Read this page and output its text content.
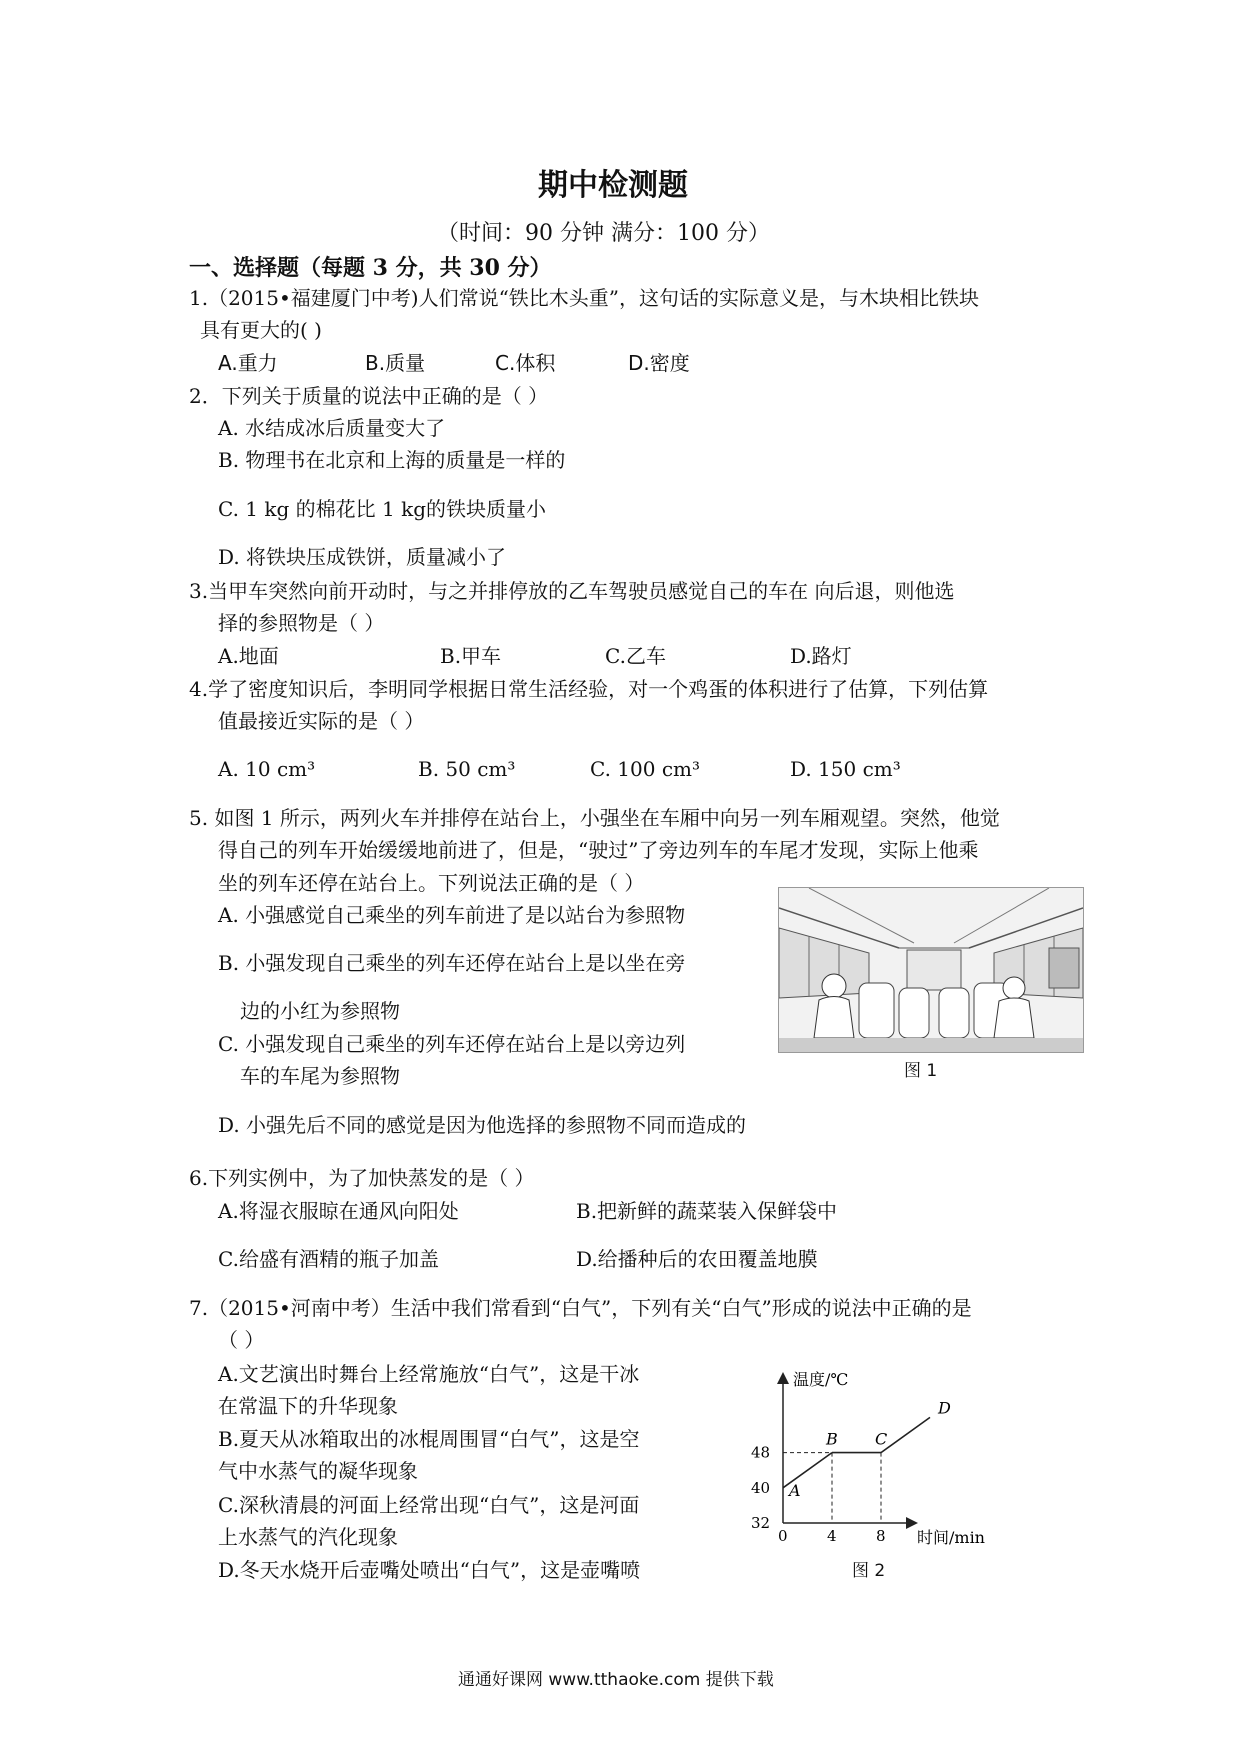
期中检测题
（时间：90 分钟 满分：100 分）
一、选择题（每题 3 分，共 30 分）
1.（2015•福建厦门中考)人们常说“铁比木头重”，这句话的实际意义是，与木块相比铁块
具有更大的( )
A.重力	B.质量	C.体积	D.密度
2．下列关于质量的说法中正确的是（ ）
A. 水结成冰后质量变大了
B. 物理书在北京和上海的质量是一样的
C. 1 kg 的棉花比 1 kg的铁块质量小
D. 将铁块压成铁饼，质量减小了
3.当甲车突然向前开动时，与之并排停放的乙车驾驶员感觉自己的车在 向后退，则他选
择的参照物是（ ）
A.地面	B.甲车	C.乙车	D.路灯
4.学了密度知识后，李明同学根据日常生活经验，对一个鸡蛋的体积进行了估算，下列估算
值最接近实际的是（ ）
A. 10 cm³	B. 50 cm³	C. 100 cm³	D. 150 cm³
5. 如图 1 所示，两列火车并排停在站台上，小强坐在车厢中向另一列车厢观望。突然，他觉
得自己的列车开始缓缓地前进了，但是，“驶过”了旁边列车的车尾才发现，实际上他乘
坐的列车还停在站台上。下列说法正确的是（ ）
A. 小强感觉自己乘坐的列车前进了是以站台为参照物
B. 小强发现自己乘坐的列车还停在站台上是以坐在旁
边的小红为参照物
C. 小强发现自己乘坐的列车还停在站台上是以旁边列
车的车尾为参照物
D. 小强先后不同的感觉是因为他选择的参照物不同而造成的
图 1
6.下列实例中，为了加快蒸发的是（ ）
A.将湿衣服晾在通风向阳处	B.把新鲜的蔬菜装入保鲜袋中
C.给盛有酒精的瓶子加盖	D.给播种后的农田覆盖地膜
7.（2015•河南中考）生活中我们常看到“白气”，下列有关“白气”形成的说法中正确的是
（ ）
A.文艺演出时舞台上经常施放“白气”，这是干冰
在常温下的升华现象
B.夏天从冰箱取出的冰棍周围冒“白气”，这是空
气中水蒸气的凝华现象
C.深秋清晨的河面上经常出现“白气”，这是河面
上水蒸气的汽化现象
D.冬天水烧开后壶嘴处喷出“白气”，这是壶嘴喷
0	4	8
32
40
48
A
B C
D
温度/℃
时间/min
图 2
通通好课网 www.tthaoke.com 提供下载
